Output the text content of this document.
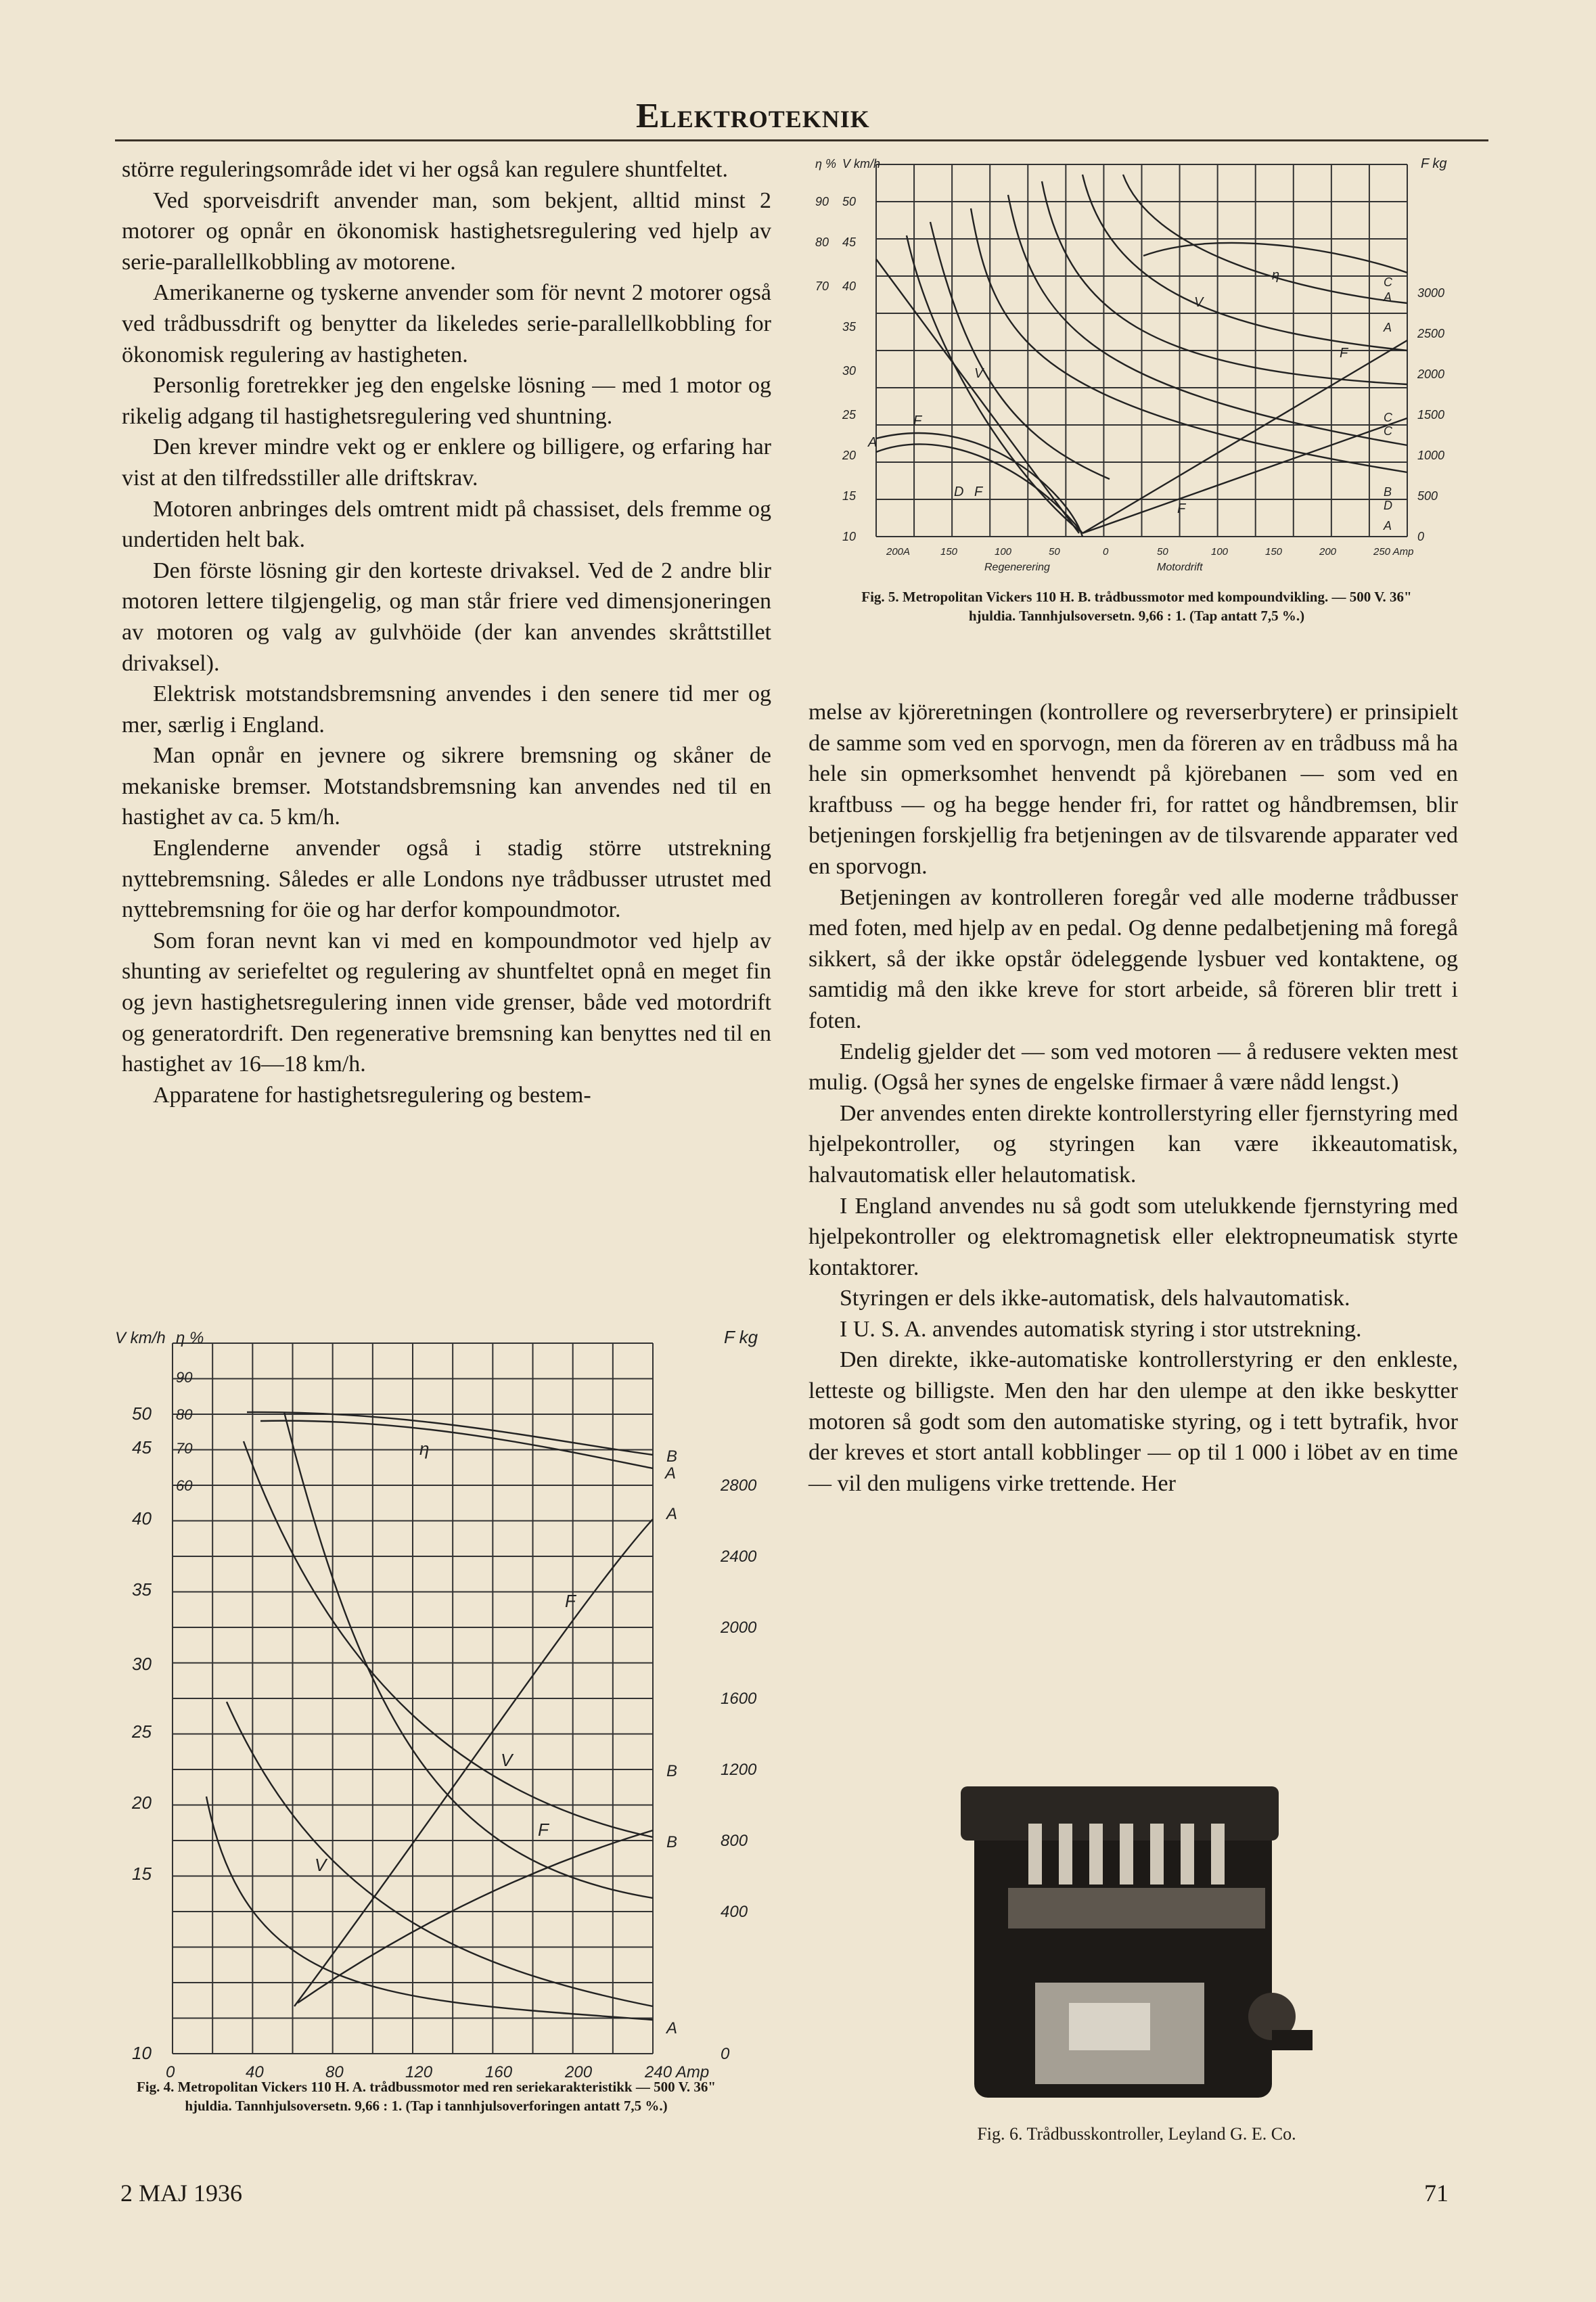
Elektroteknik

större reguleringsområde idet vi her også kan regulere shuntfeltet.

Ved sporveisdrift anvender man, som bekjent, alltid minst 2 motorer og opnår en ökonomisk hastighetsregulering ved hjelp av serie-parallellkobbling av motorene.

Amerikanerne og tyskerne anvender som för nevnt 2 motorer også ved trådbussdrift og benytter da likeledes serie-parallellkobbling for ökonomisk regulering av hastigheten.

Personlig foretrekker jeg den engelske lösning — med 1 motor og rikelig adgang til hastighetsregulering ved shuntning.

Den krever mindre vekt og er enklere og billigere, og erfaring har vist at den tilfredsstiller alle driftskrav.

Motoren anbringes dels omtrent midt på chassiset, dels fremme og undertiden helt bak.

Den förste lösning gir den korteste drivaksel. Ved de 2 andre blir motoren lettere tilgjengelig, og man står friere ved dimensjoneringen av motoren og valg av gulvhöide (der kan anvendes skråttstillet drivaksel).

Elektrisk motstandsbremsning anvendes i den senere tid mer og mer, særlig i England.

Man opnår en jevnere og sikrere bremsning og skåner de mekaniske bremser. Motstandsbremsning kan anvendes ned til en hastighet av ca. 5 km/h.

Englenderne anvender også i stadig större utstrekning nyttebremsning. Således er alle Londons nye trådbusser utrustet med nyttebremsning for öie og har derfor kompoundmotor.

Som foran nevnt kan vi med en kompoundmotor ved hjelp av shunting av seriefeltet og regulering av shuntfeltet opnå en meget fin og jevn hastighetsregulering innen vide grenser, både ved motordrift og generatordrift. Den regenerative bremsning kan benyttes ned til en hastighet av 16—18 km/h.

Apparatene for hastighetsregulering og bestem-

η % V km/h	F kg
50
45
40
35
30
25
20
15
10
90
80
70	3000
2500
2000
1500
1000
500
0
200A	150	100	50	0	50	100	150	200	250 Amp
Regenerering	Motordrift
V
F
A
D F
V
η
F
F
C
A
A
C
C
B
D
A
Fig. 5. Metropolitan Vickers 110 H. B. trådbussmotor med kompoundvikling. — 500 V. 36" hjuldia. Tannhjulsoversetn. 9,66 : 1. (Tap antatt 7,5 %.)

melse av kjöreretningen (kontrollere og reverserbrytere) er prinsipielt de samme som ved en sporvogn, men da föreren av en trådbuss må ha hele sin opmerksomhet henvendt på kjörebanen — som ved en kraftbuss — og ha begge hender fri, for rattet og håndbremsen, blir betjeningen forskjellig fra betjeningen av de tilsvarende apparater ved en sporvogn.

Betjeningen av kontrolleren foregår ved alle moderne trådbusser med foten, med hjelp av en pedal. Og denne pedalbetjening må foregå sikkert, så der ikke opstår ödeleggende lysbuer ved kontaktene, og samtidig må den ikke kreve for stort arbeide, så föreren blir trett i foten.

Endelig gjelder det — som ved motoren — å redusere vekten mest mulig. (Også her synes de engelske firmaer å være nådd lengst.)

Der anvendes enten direkte kontrollerstyring eller fjernstyring med hjelpekontroller, og styringen kan være ikkeautomatisk, halvautomatisk eller helautomatisk.

I England anvendes nu så godt som utelukkende fjernstyring med hjelpekontroller og elektromagnetisk eller elektropneumatisk styrte kontaktorer.

Styringen er dels ikke-automatisk, dels halvautomatisk.

I U. S. A. anvendes automatisk styring i stor utstrekning.

Den direkte, ikke-automatiske kontrollerstyring er den enkleste, letteste og billigste. Men den har den ulempe at den ikke beskytter motoren så godt som den automatiske styring, og i tett bytrafik, hvor der kreves et stort antall kobblinger — op til 1 000 i löbet av en time — vil den muligens virke trettende. Her

V km/h η %	F kg
50
45
40
35
30
25
20
15
10
90
80
70
60	2800
2400
2000
1600
1200
800
400
0
0	40	80	120	160	200	240 Amp
η	B
A
A
F
V
B
F
B
V
A
Fig. 4. Metropolitan Vickers 110 H. A. trådbussmotor med ren seriekarakteristikk — 500 V. 36" hjuldia. Tannhjulsoversetn. 9,66 : 1. (Tap i tannhjulsoverforingen antatt 7,5 %.)
Fig. 6. Trådbusskontroller, Leyland G. E. Co.
2 MAJ 1936	71
